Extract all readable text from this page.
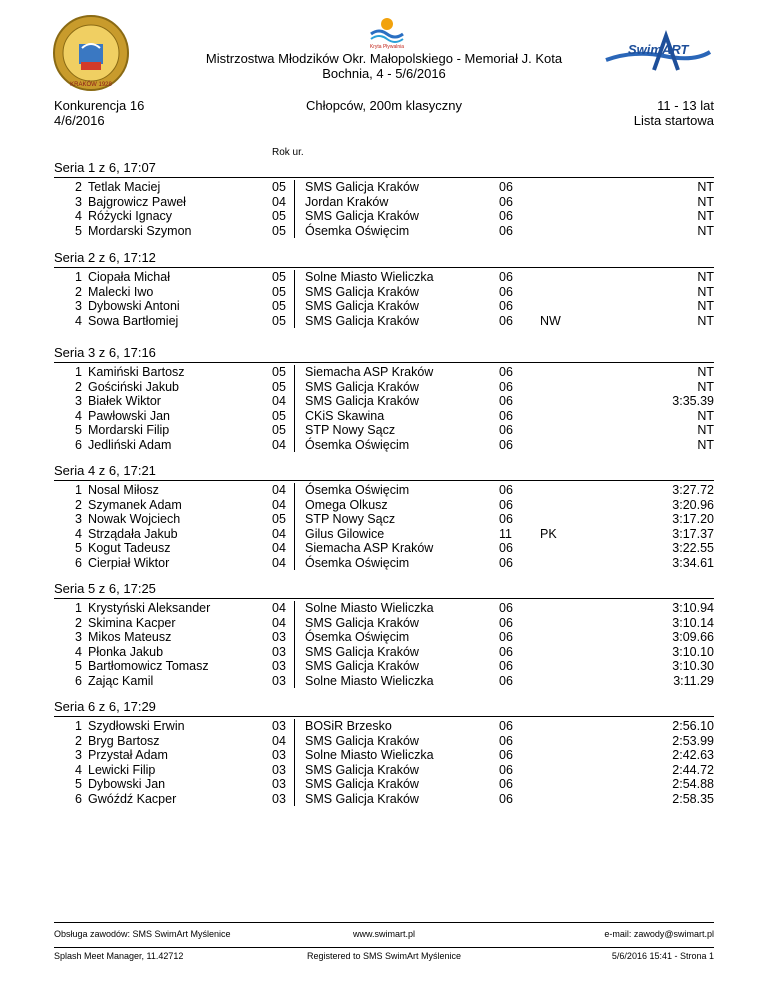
KRAKÓW 1928
Kryta Pływalnia	SwimART
Mistrzostwa Młodzików Okr. Małopolskiego - Memoriał J. Kota
Bochnia, 4 - 5/6/2016
Konkurencja 16
4/6/2016
Chłopców, 200m klasyczny	11 - 13 lat
Lista startowa
Rok ur.
Seria 1 z 6, 17:07
2 Tetlak Maciej	05 SMS Galicja Kraków	06	NT
3 Bajgrowicz Paweł	04 Jordan Kraków	06	NT
4 Różycki Ignacy	05 SMS Galicja Kraków	06	NT
5 Mordarski Szymon	05 Ósemka Oświęcim	06	NT
Seria 2 z 6, 17:12
1 Ciopała Michał	05 Solne Miasto Wieliczka	06	NT
2 Malecki Iwo	05 SMS Galicja Kraków	06	NT
3 Dybowski Antoni	05 SMS Galicja Kraków	06	NT
4 Sowa Bartłomiej	05 SMS Galicja Kraków	06 NW	NT
Seria 3 z 6, 17:16
1 Kamiński Bartosz	05 Siemacha ASP Kraków	06	NT
2 Gościński Jakub	05 SMS Galicja Kraków	06	NT
3 Białek Wiktor	04 SMS Galicja Kraków	06	3:35.39
4 Pawłowski Jan	05 CKiS Skawina	06	NT
5 Mordarski Filip	05 STP Nowy Sącz	06	NT
6 Jedliński Adam	04 Ósemka Oświęcim	06	NT
Seria 4 z 6, 17:21
1 Nosal Miłosz	04 Ósemka Oświęcim	06	3:27.72
2 Szymanek Adam	04 Omega Olkusz	06	3:20.96
3 Nowak Wojciech	05 STP Nowy Sącz	06	3:17.20
4 Strządała Jakub	04 Gilus Gilowice	11 PK	3:17.37
5 Kogut Tadeusz	04 Siemacha ASP Kraków	06	3:22.55
6 Cierpiał Wiktor	04 Ósemka Oświęcim	06	3:34.61
Seria 5 z 6, 17:25
1 Krystyński Aleksander	04 Solne Miasto Wieliczka	06	3:10.94
2 Skimina Kacper	04 SMS Galicja Kraków	06	3:10.14
3 Mikos Mateusz	03 Ósemka Oświęcim	06	3:09.66
4 Płonka Jakub	03 SMS Galicja Kraków	06	3:10.10
5 Bartłomowicz Tomasz	03 SMS Galicja Kraków	06	3:10.30
6 Zając Kamil	03 Solne Miasto Wieliczka	06	3:11.29
Seria 6 z 6, 17:29
1 Szydłowski Erwin	03 BOSiR Brzesko	06	2:56.10
2 Bryg Bartosz	04 SMS Galicja Kraków	06	2:53.99
3 Przystał Adam	03 Solne Miasto Wieliczka	06	2:42.63
4 Lewicki Filip	03 SMS Galicja Kraków	06	2:44.72
5 Dybowski Jan	03 SMS Galicja Kraków	06	2:54.88
6 Gwóźdź Kacper	03 SMS Galicja Kraków	06	2:58.35
Obsługa zawodów: SMS SwimArt Myślenice	www.swimart.pl	e-mail: zawody@swimart.pl
Splash Meet Manager, 11.42712	Registered to SMS SwimArt Myślenice	5/6/2016 15:41 - Strona 1
